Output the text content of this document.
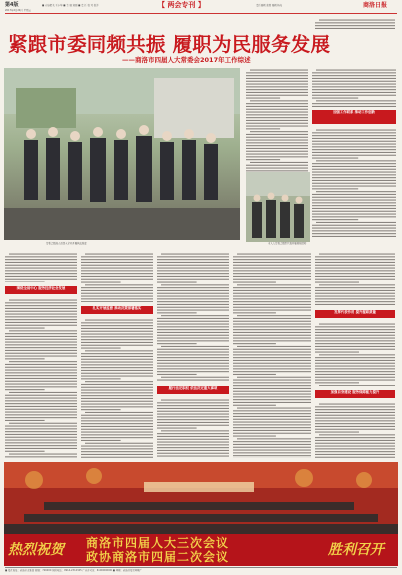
第4版
2017年2月24日 星期五
■ 内容把关 王小华 ■ 美 编 刘丽 ■ 责 任 校 对 张洋	【 两会专刊 】	责任编辑 张燕 编辑 杨光	商洛日报
紧跟市委同频共振 履职为民服务发展
——商洛市四届人大常委会2017年工作综述
常委会组成人员深入企业开展执法检查
加强工作联系 推动工作创新
市人大常委会组织代表开展视察活动
围绕全局中心 服务经济社会发展
扎实开展监督 推动决策部署落实
履行法定职权 依法决定重大事项
发挥代表作用 提升履职质量
加强自身建设 服务保障能力提升
热烈祝贺 商洛市四届人大三次会议
政协商洛市四届二次会议	胜利召开
■ 报社地址：商洛市北新街 邮编：726000 值班电话：0914-2312345 广告许可证：6100000000 ■ 印刷：商洛日报社印刷厂
